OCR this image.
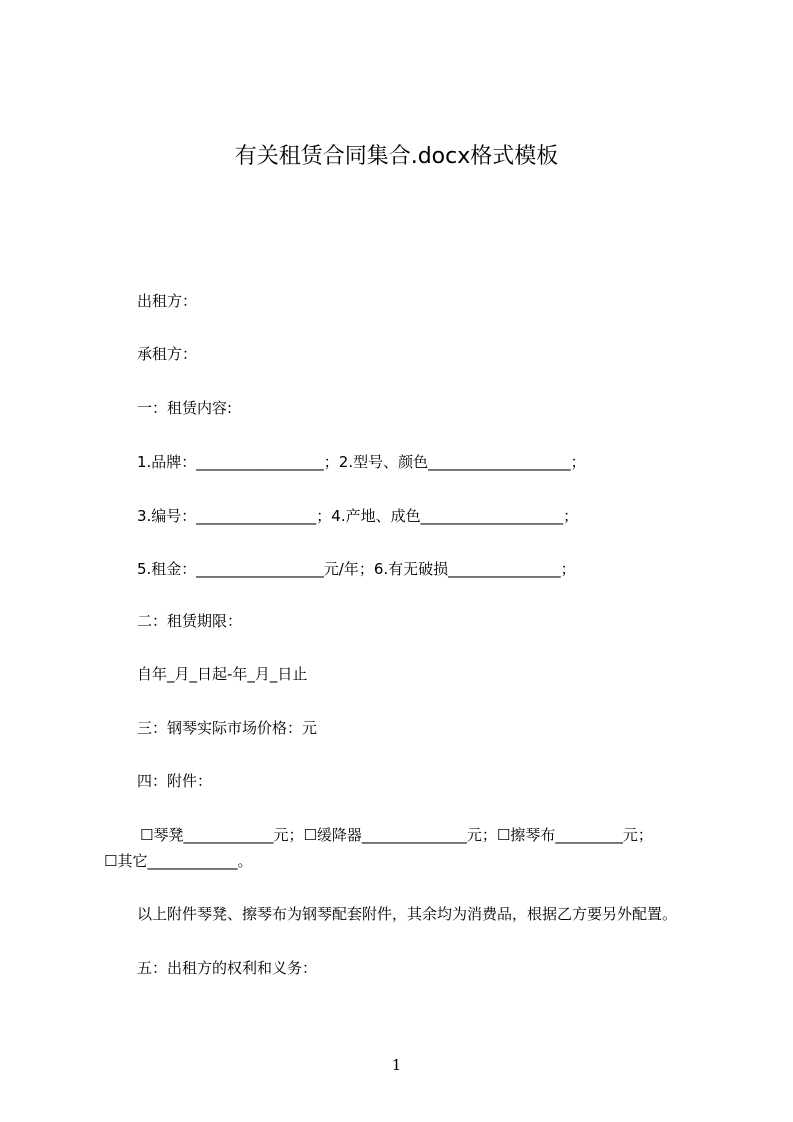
有关租赁合同集合.docx格式模板
出租方：
承租方：
一：租赁内容:
1.品牌：_________________；2.型号、颜色___________________；
3.编号：________________；4.产地、成色___________________；
5.租金：_________________元/年；6.有无破损_______________；
二：租赁期限：
自年_月_日起-年_月_日止
三：钢琴实际市场价格：元
四：附件：
☐琴凳____________元；☐缓降器______________元；☐擦琴布_________元；
☐其它____________。
以上附件琴凳、擦琴布为钢琴配套附件，其余均为消费品，根据乙方要另外配置。
五：出租方的权利和义务：
1
